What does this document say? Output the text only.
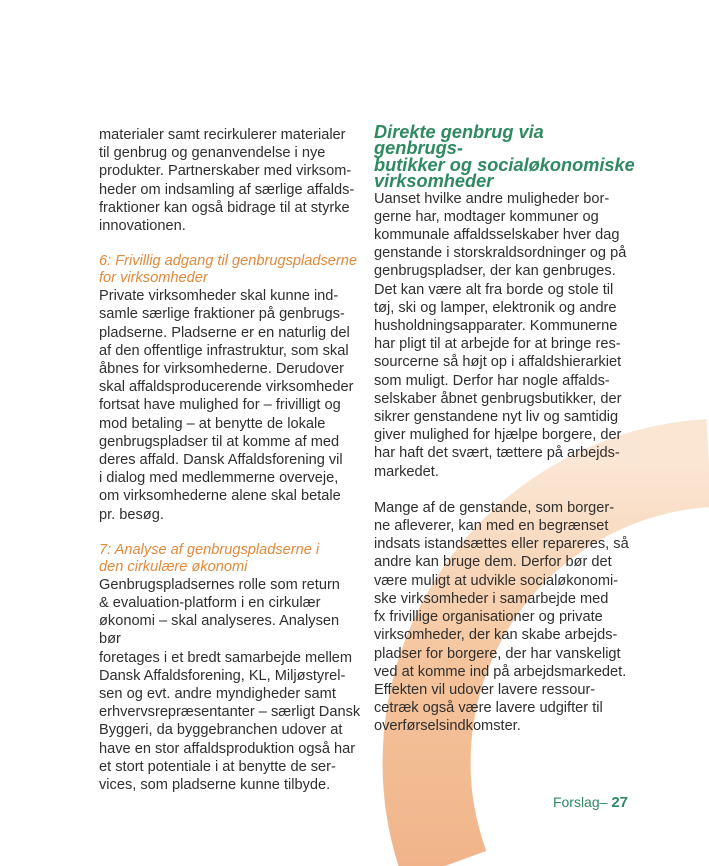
materialer samt recirkulerer materialer
til genbrug og genanvendelse i nye
produkter. Partnerskaber med virksom-
heder om indsamling af særlige affalds-
fraktioner kan også bidrage til at styrke
innovationen.

6: Frivillig adgang til genbrugspladserne
for virksomheder

Private virksomheder skal kunne ind-
samle særlige fraktioner på genbrugs-
pladserne. Pladserne er en naturlig del
af den offentlige infrastruktur, som skal
åbnes for virksomhederne. Derudover
skal affaldsproducerende virksomheder
fortsat have mulighed for – frivilligt og
mod betaling – at benytte de lokale
genbrugspladser til at komme af med
deres affald. Dansk Affaldsforening vil
i dialog med medlemmerne overveje,
om virksomhederne alene skal betale
pr. besøg.

7: Analyse af genbrugspladserne i
den cirkulære økonomi

Genbrugspladsernes rolle som return
& evaluation-platform i en cirkulær
økonomi – skal analyseres. Analysen bør
foretages i et bredt samarbejde mellem
Dansk Affaldsforening, KL, Miljøstyrel-
sen og evt. andre myndigheder samt
erhvervsrepræsentanter – særligt Dansk
Byggeri, da byggebranchen udover at
have en stor affaldsproduktion også har
et stort potentiale i at benytte de ser-
vices, som pladserne kunne tilbyde.

Direkte genbrug via genbrugs-
butikker og socialøkonomiske
virksomheder

Uanset hvilke andre muligheder bor-
gerne har, modtager kommuner og
kommunale affaldsselskaber hver dag
genstande i storskraldsordninger og på
genbrugspladser, der kan genbruges.
Det kan være alt fra borde og stole til
tøj, ski og lamper, elektronik og andre
husholdningsapparater. Kommunerne
har pligt til at arbejde for at bringe res-
sourcerne så højt op i affaldshierarkiet
som muligt. Derfor har nogle affalds-
selskaber åbnet genbrugsbutikker, der
sikrer genstandene nyt liv og samtidig
giver mulighed for hjælpe borgere, der
har haft det svært, tættere på arbejds-
markedet.

Mange af de genstande, som borger-
ne afleverer, kan med en begrænset
indsats istandsættes eller repareres, så
andre kan bruge dem. Derfor bør det
være muligt at udvikle socialøkonomi-
ske virksomheder i samarbejde med
fx frivillige organisationer og private
virksomheder, der kan skabe arbejds-
pladser for borgere, der har vanskeligt
ved at komme ind på arbejdsmarkedet.
Effekten vil udover lavere ressour-
cetræk også være lavere udgifter til
overførselsindkomster.

Forslag– 27
